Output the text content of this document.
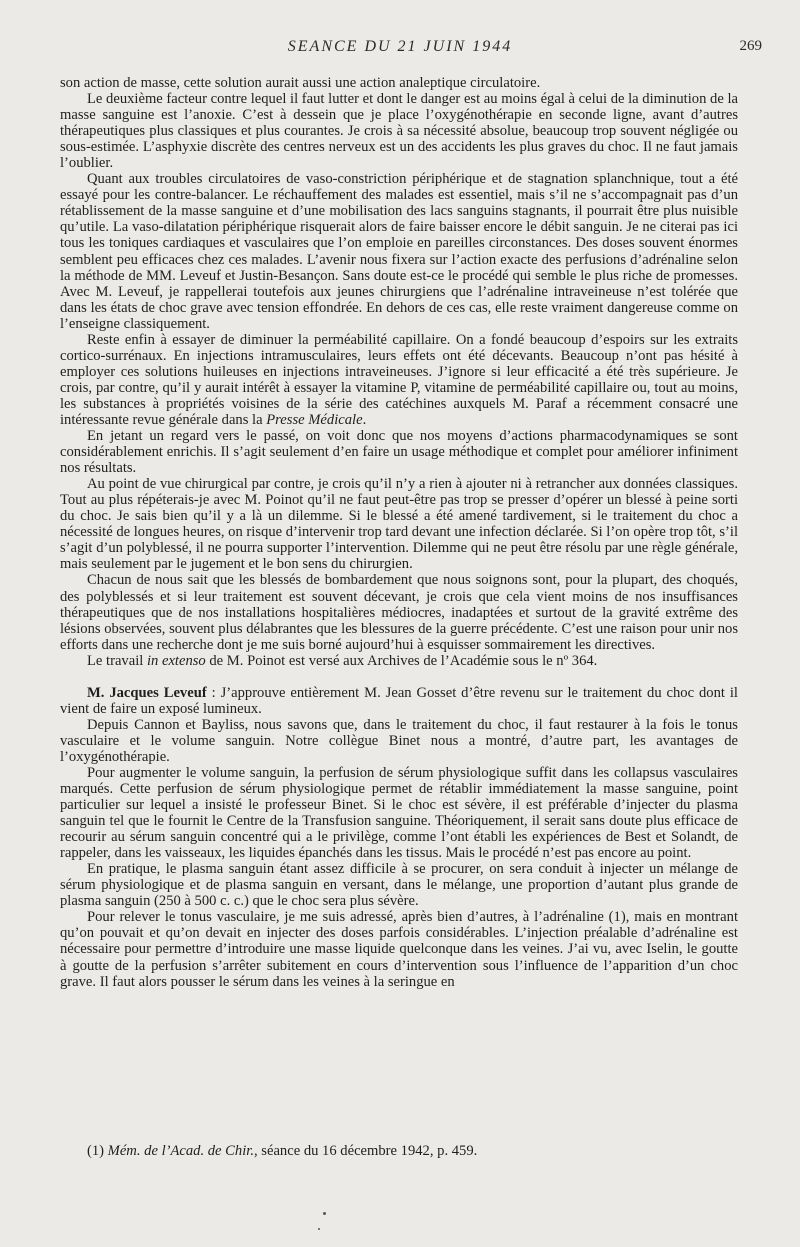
SEANCE DU 21 JUIN 1944	269

son action de masse, cette solution aurait aussi une action analeptique circulatoire.

Le deuxième facteur contre lequel il faut lutter et dont le danger est au moins égal à celui de la diminution de la masse sanguine est l’anoxie. C’est à dessein que je place l’oxygénothérapie en seconde ligne, avant d’autres thérapeutiques plus classiques et plus courantes. Je crois à sa nécessité absolue, beaucoup trop souvent négligée ou sous-estimée. L’asphyxie discrète des centres nerveux est un des accidents les plus graves du choc. Il ne faut jamais l’oublier.

Quant aux troubles circulatoires de vaso-constriction périphérique et de stagnation splanchnique, tout a été essayé pour les contre-balancer. Le réchauffement des malades est essentiel, mais s’il ne s’accompagnait pas d’un rétablissement de la masse sanguine et d’une mobilisation des lacs sanguins stagnants, il pourrait être plus nuisible qu’utile. La vaso-dilatation périphérique risquerait alors de faire baisser encore le débit sanguin. Je ne citerai pas ici tous les toniques cardiaques et vasculaires que l’on emploie en pareilles circonstances. Des doses souvent énormes semblent peu efficaces chez ces malades. L’avenir nous fixera sur l’action exacte des perfusions d’adrénaline selon la méthode de MM. Leveuf et Justin-Besançon. Sans doute est-ce le procédé qui semble le plus riche de promesses. Avec M. Leveuf, je rappellerai toutefois aux jeunes chirurgiens que l’adrénaline intraveineuse n’est tolérée que dans les états de choc grave avec tension effondrée. En dehors de ces cas, elle reste vraiment dangereuse comme on l’enseigne classiquement.

Reste enfin à essayer de diminuer la perméabilité capillaire. On a fondé beaucoup d’espoirs sur les extraits cortico-surrénaux. En injections intramusculaires, leurs effets ont été décevants. Beaucoup n’ont pas hésité à employer ces solutions huileuses en injections intraveineuses. J’ignore si leur efficacité a été très supérieure. Je crois, par contre, qu’il y aurait intérêt à essayer la vitamine P, vitamine de perméabilité capillaire ou, tout au moins, les substances à propriétés voisines de la série des catéchines auxquels M. Paraf a récemment consacré une intéressante revue générale dans la Presse Médicale.

En jetant un regard vers le passé, on voit donc que nos moyens d’actions pharmacodynamiques se sont considérablement enrichis. Il s’agit seulement d’en faire un usage méthodique et complet pour améliorer infiniment nos résultats.

Au point de vue chirurgical par contre, je crois qu’il n’y a rien à ajouter ni à retrancher aux données classiques. Tout au plus répéterais-je avec M. Poinot qu’il ne faut peut-être pas trop se presser d’opérer un blessé à peine sorti du choc. Je sais bien qu’il y a là un dilemme. Si le blessé a été amené tardivement, si le traitement du choc a nécessité de longues heures, on risque d’intervenir trop tard devant une infection déclarée. Si l’on opère trop tôt, s’il s’agit d’un polyblessé, il ne pourra supporter l’intervention. Dilemme qui ne peut être résolu par une règle générale, mais seulement par le jugement et le bon sens du chirurgien.

Chacun de nous sait que les blessés de bombardement que nous soignons sont, pour la plupart, des choqués, des polyblessés et si leur traitement est souvent décevant, je crois que cela vient moins de nos insuffisances thérapeutiques que de nos installations hospitalières médiocres, inadaptées et surtout de la gravité extrême des lésions observées, souvent plus délabrantes que les blessures de la guerre précédente. C’est une raison pour unir nos efforts dans une recherche dont je me suis borné aujourd’hui à esquisser sommairement les directives.

Le travail in extenso de M. Poinot est versé aux Archives de l’Académie sous le nº 364.

M. Jacques Leveuf : J’approuve entièrement M. Jean Gosset d’être revenu sur le traitement du choc dont il vient de faire un exposé lumineux.

Depuis Cannon et Bayliss, nous savons que, dans le traitement du choc, il faut restaurer à la fois le tonus vasculaire et le volume sanguin. Notre collègue Binet nous a montré, d’autre part, les avantages de l’oxygénothérapie.

Pour augmenter le volume sanguin, la perfusion de sérum physiologique suffit dans les collapsus vasculaires marqués. Cette perfusion de sérum physiologique permet de rétablir immédiatement la masse sanguine, point particulier sur lequel a insisté le professeur Binet. Si le choc est sévère, il est préférable d’injecter du plasma sanguin tel que le fournit le Centre de la Transfusion sanguine. Théoriquement, il serait sans doute plus efficace de recourir au sérum sanguin concentré qui a le privilège, comme l’ont établi les expériences de Best et Solandt, de rappeler, dans les vaisseaux, les liquides épanchés dans les tissus. Mais le procédé n’est pas encore au point.

En pratique, le plasma sanguin étant assez difficile à se procurer, on sera conduit à injecter un mélange de sérum physiologique et de plasma sanguin en versant, dans le mélange, une proportion d’autant plus grande de plasma sanguin (250 à 500 c. c.) que le choc sera plus sévère.

Pour relever le tonus vasculaire, je me suis adressé, après bien d’autres, à l’adrénaline (1), mais en montrant qu’on pouvait et qu’on devait en injecter des doses parfois considérables. L’injection préalable d’adrénaline est nécessaire pour permettre d’introduire une masse liquide quelconque dans les veines. J’ai vu, avec Iselin, le goutte à goutte de la perfusion s’arrêter subitement en cours d’intervention sous l’influence de l’apparition d’un choc grave. Il faut alors pousser le sérum dans les veines à la seringue en

(1) Mém. de l’Acad. de Chir., séance du 16 décembre 1942, p. 459.
